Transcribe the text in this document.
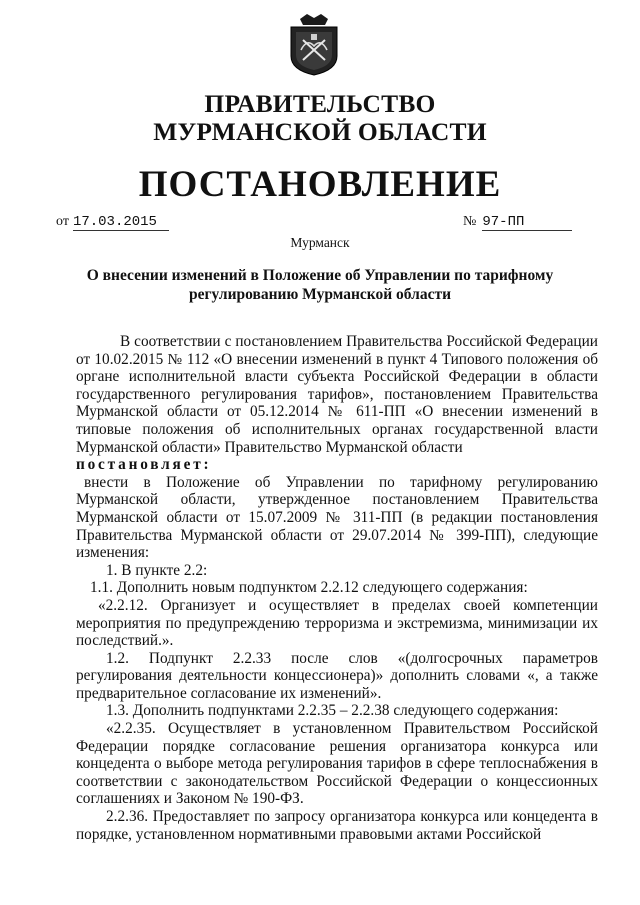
ПРАВИТЕЛЬСТВО
МУРМАНСКОЙ ОБЛАСТИ
ПОСТАНОВЛЕНИЕ
от 17.03.2015	№ 97-ПП
Мурманск
О внесении изменений в Положение об Управлении по тарифному регулированию Мурманской области

В соответствии с постановлением Правительства Российской Федерации от 10.02.2015 № 112 «О внесении изменений в пункт 4 Типового положения об органе исполнительной власти субъекта Российской Федерации в области государственного регулирования тарифов», постановлением Правительства Мурманской области от 05.12.2014 № 611-ПП «О внесении изменений в типовые положения об исполнительных органах государственной власти Мурманской области» Правительство Мурманской области

постановляет:

внести в Положение об Управлении по тарифному регулированию Мурманской области, утвержденное постановлением Правительства Мурманской области от 15.07.2009 № 311-ПП (в редакции постановления Правительства Мурманской области от 29.07.2014 № 399-ПП), следующие изменения:

1. В пункте 2.2:

1.1. Дополнить новым подпунктом 2.2.12 следующего содержания:

«2.2.12. Организует и осуществляет в пределах своей компетенции мероприятия по предупреждению терроризма и экстремизма, минимизации их последствий.».

1.2. Подпункт 2.2.33 после слов «(долгосрочных параметров регулирования деятельности концессионера)» дополнить словами «, а также предварительное согласование их изменений».

1.3. Дополнить подпунктами 2.2.35 – 2.2.38 следующего содержания:

«2.2.35. Осуществляет в установленном Правительством Российской Федерации порядке согласование решения организатора конкурса или концедента о выборе метода регулирования тарифов в сфере теплоснабжения в соответствии с законодательством Российской Федерации о концессионных соглашениях и Законом № 190-ФЗ.

2.2.36. Предоставляет по запросу организатора конкурса или концедента в порядке, установленном нормативными правовыми актами Российской
